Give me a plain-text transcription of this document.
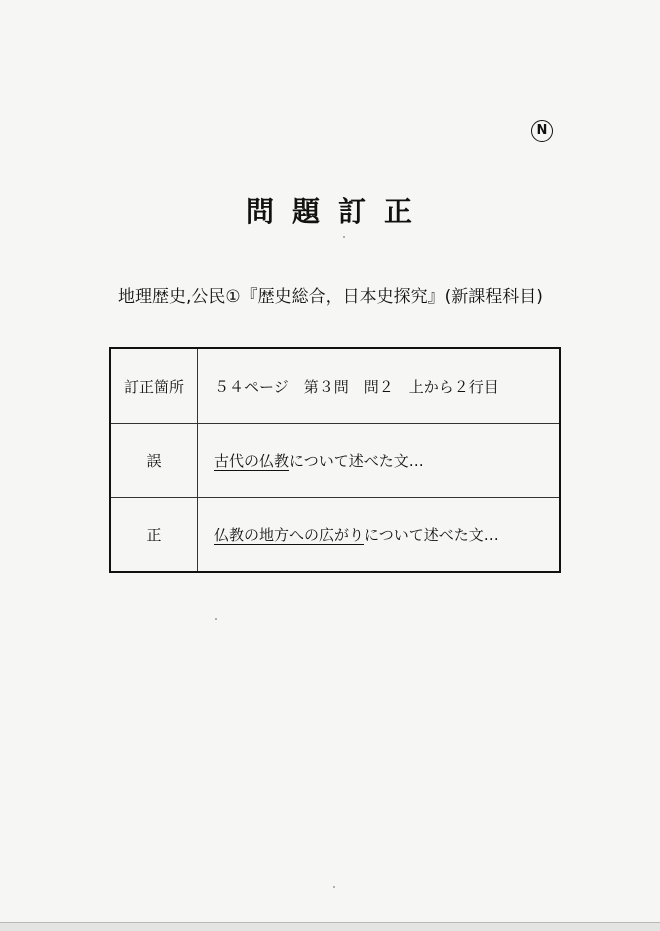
N
問題訂正
地理歴史,公民①『歴史総合，日本史探究』(新課程科目)
訂正箇所	５４ページ　第３問　問２　上から２行目
誤	古代の仏教について述べた文…
正	仏教の地方への広がりについて述べた文…
